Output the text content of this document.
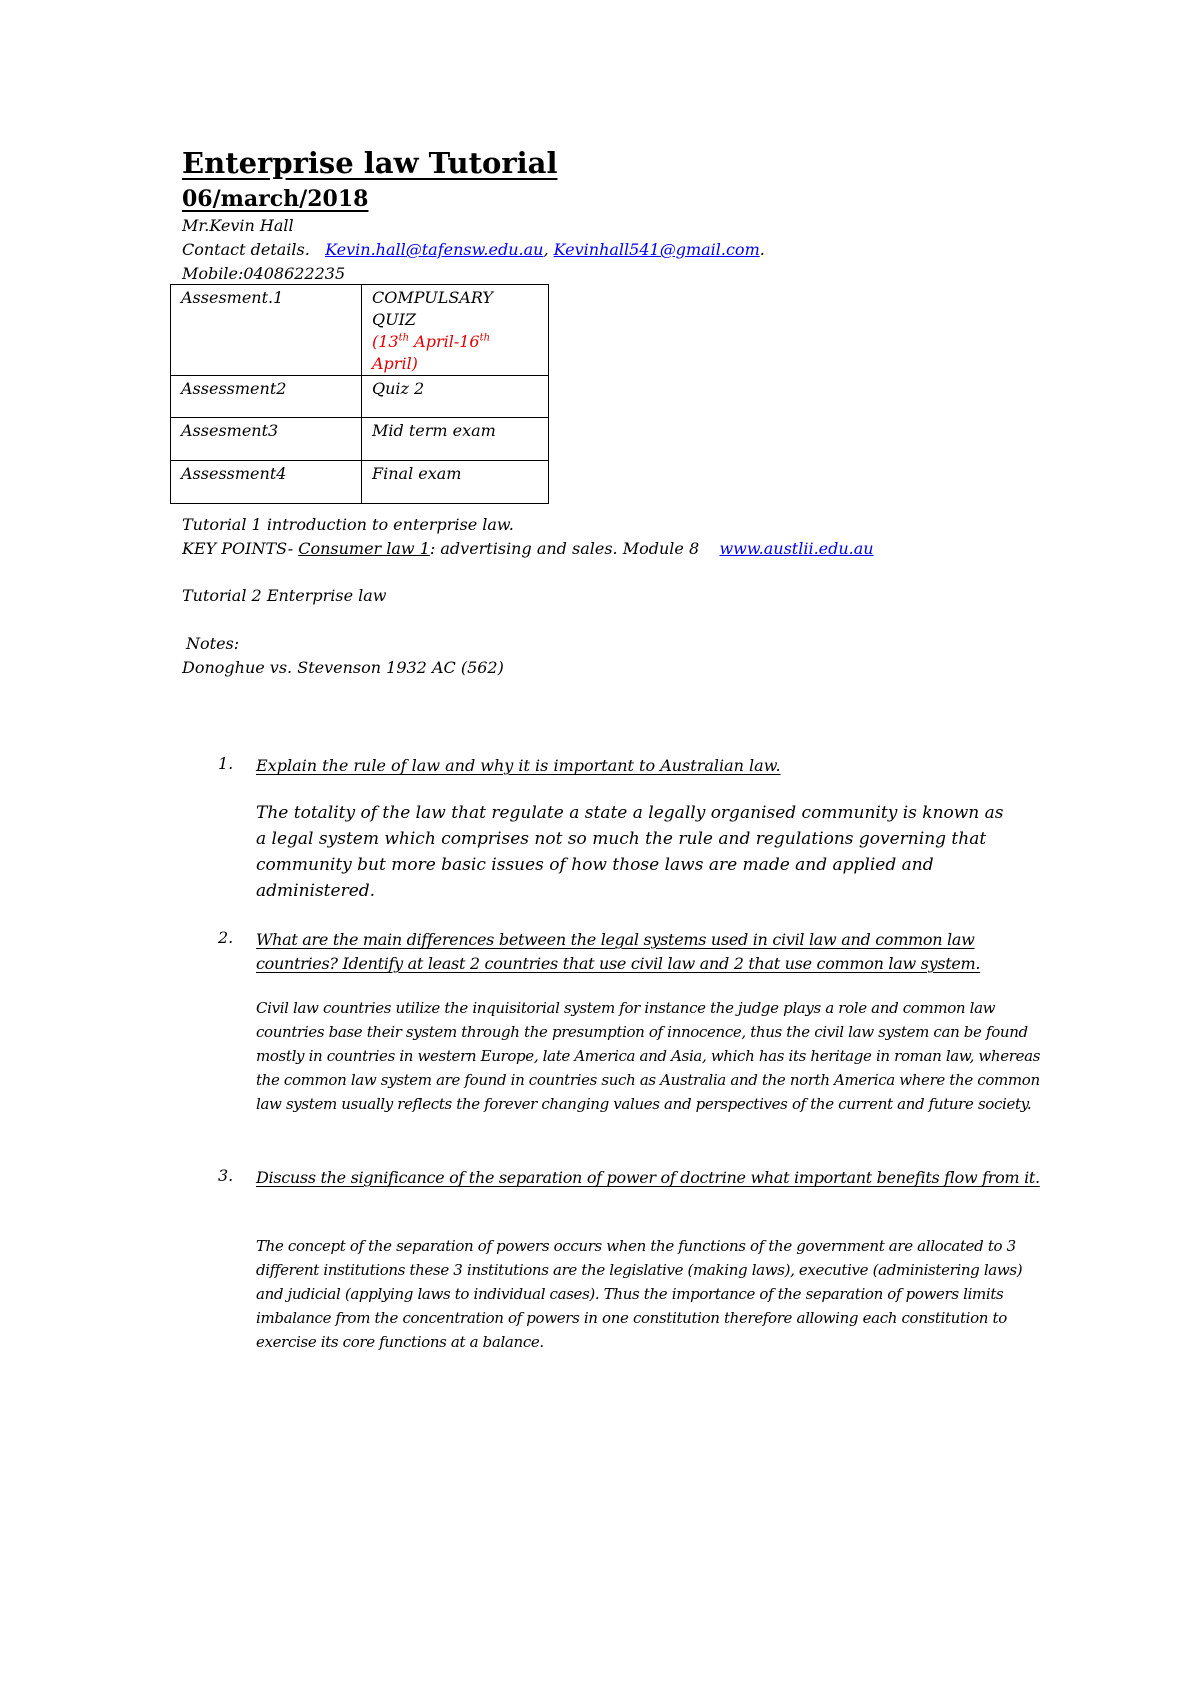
Enterprise law Tutorial
06/march/2018
Mr.Kevin Hall
Contact details. Kevin.hall@tafensw.edu.au, Kevinhall541@gmail.com.
Mobile:0408622235
Assesment.1	COMPULSARY QUIZ
(13th April-16th
April)
Assessment2	Quiz 2
Assesment3	Mid term exam
Assessment4	Final exam
Tutorial 1 introduction to enterprise law.
KEY POINTS- Consumer law 1: advertising and sales. Module 8 www.austlii.edu.au
Tutorial 2 Enterprise law
Notes:
Donoghue vs. Stevenson 1932 AC (562)
1. Explain the rule of law and why it is important to Australian law.
The totality of the law that regulate a state a legally organised community is known as a legal system which comprises not so much the rule and regulations governing that community but more basic issues of how those laws are made and applied and administered.
2. What are the main differences between the legal systems used in civil law and common law countries? Identify at least 2 countries that use civil law and 2 that use common law system.
Civil law countries utilize the inquisitorial system for instance the judge plays a role and common law countries base their system through the presumption of innocence, thus the civil law system can be found mostly in countries in western Europe, late America and Asia, which has its heritage in roman law, whereas the common law system are found in countries such as Australia and the north America where the common law system usually reflects the forever changing values and perspectives of the current and future society.
3. Discuss the significance of the separation of power of doctrine what important benefits flow from it.
The concept of the separation of powers occurs when the functions of the government are allocated to 3 different institutions these 3 institutions are the legislative (making laws), executive (administering laws) and judicial (applying laws to individual cases). Thus the importance of the separation of powers limits imbalance from the concentration of powers in one constitution therefore allowing each constitution to exercise its core functions at a balance.
